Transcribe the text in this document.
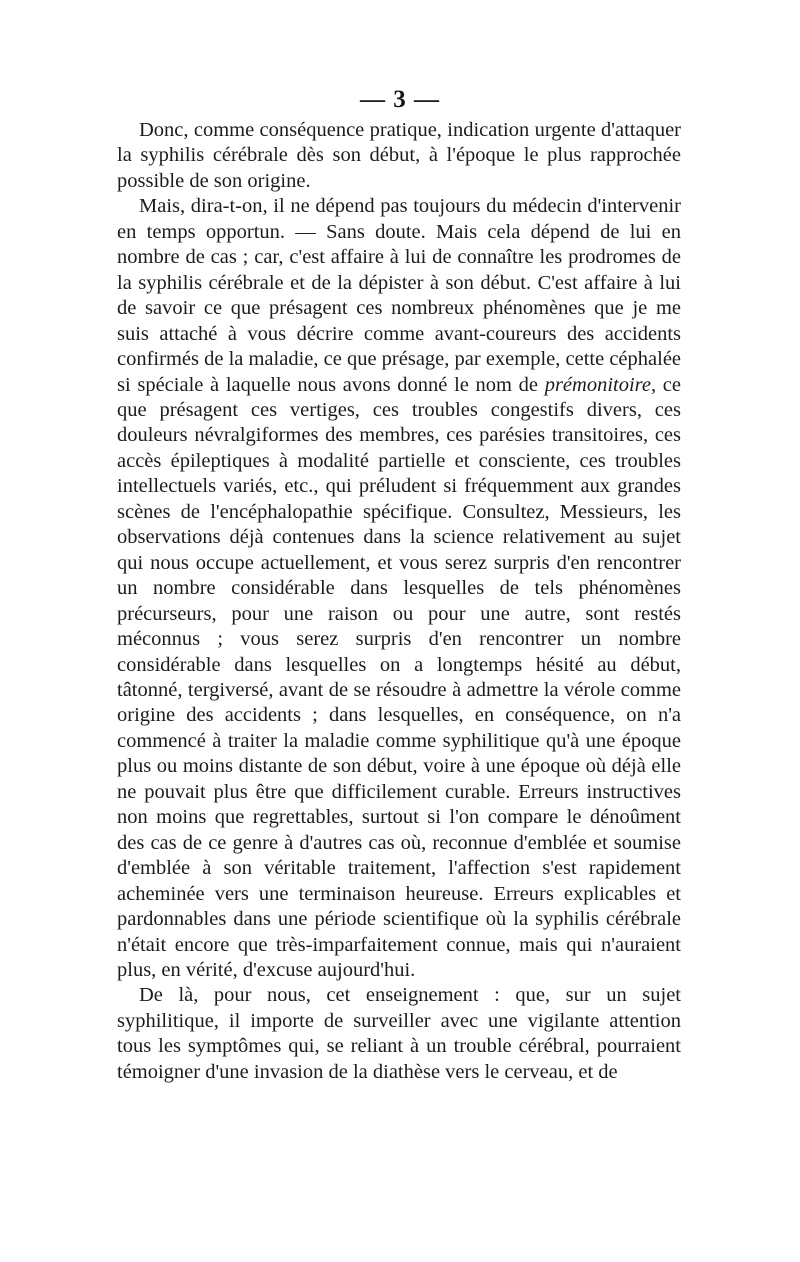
— 3 —

Donc, comme conséquence pratique, indication urgente d'attaquer la syphilis cérébrale dès son début, à l'époque le plus rapprochée possible de son origine.

Mais, dira-t-on, il ne dépend pas toujours du médecin d'intervenir en temps opportun. — Sans doute. Mais cela dépend de lui en nombre de cas ; car, c'est affaire à lui de connaître les prodromes de la syphilis cérébrale et de la dépister à son début. C'est affaire à lui de savoir ce que présagent ces nombreux phénomènes que je me suis attaché à vous décrire comme avant-coureurs des accidents confirmés de la maladie, ce que présage, par exemple, cette céphalée si spéciale à laquelle nous avons donné le nom de prémonitoire, ce que présagent ces vertiges, ces troubles congestifs divers, ces douleurs névralgiformes des membres, ces parésies transitoires, ces accès épileptiques à modalité partielle et consciente, ces troubles intellectuels variés, etc., qui préludent si fréquemment aux grandes scènes de l'encéphalopathie spécifique. Consultez, Messieurs, les observations déjà contenues dans la science relativement au sujet qui nous occupe actuellement, et vous serez surpris d'en rencontrer un nombre considérable dans lesquelles de tels phénomènes précurseurs, pour une raison ou pour une autre, sont restés méconnus ; vous serez surpris d'en rencontrer un nombre considérable dans lesquelles on a longtemps hésité au début, tâtonné, tergiversé, avant de se résoudre à admettre la vérole comme origine des accidents ; dans lesquelles, en conséquence, on n'a commencé à traiter la maladie comme syphilitique qu'à une époque plus ou moins distante de son début, voire à une époque où déjà elle ne pouvait plus être que difficilement curable. Erreurs instructives non moins que regrettables, surtout si l'on compare le dénoûment des cas de ce genre à d'autres cas où, reconnue d'emblée et soumise d'emblée à son véritable traitement, l'affection s'est rapidement acheminée vers une terminaison heureuse. Erreurs explicables et pardonnables dans une période scientifique où la syphilis cérébrale n'était encore que très-imparfaitement connue, mais qui n'auraient plus, en vérité, d'excuse aujourd'hui.

De là, pour nous, cet enseignement : que, sur un sujet syphilitique, il importe de surveiller avec une vigilante attention tous les symptômes qui, se reliant à un trouble cérébral, pourraient témoigner d'une invasion de la diathèse vers le cerveau, et de
